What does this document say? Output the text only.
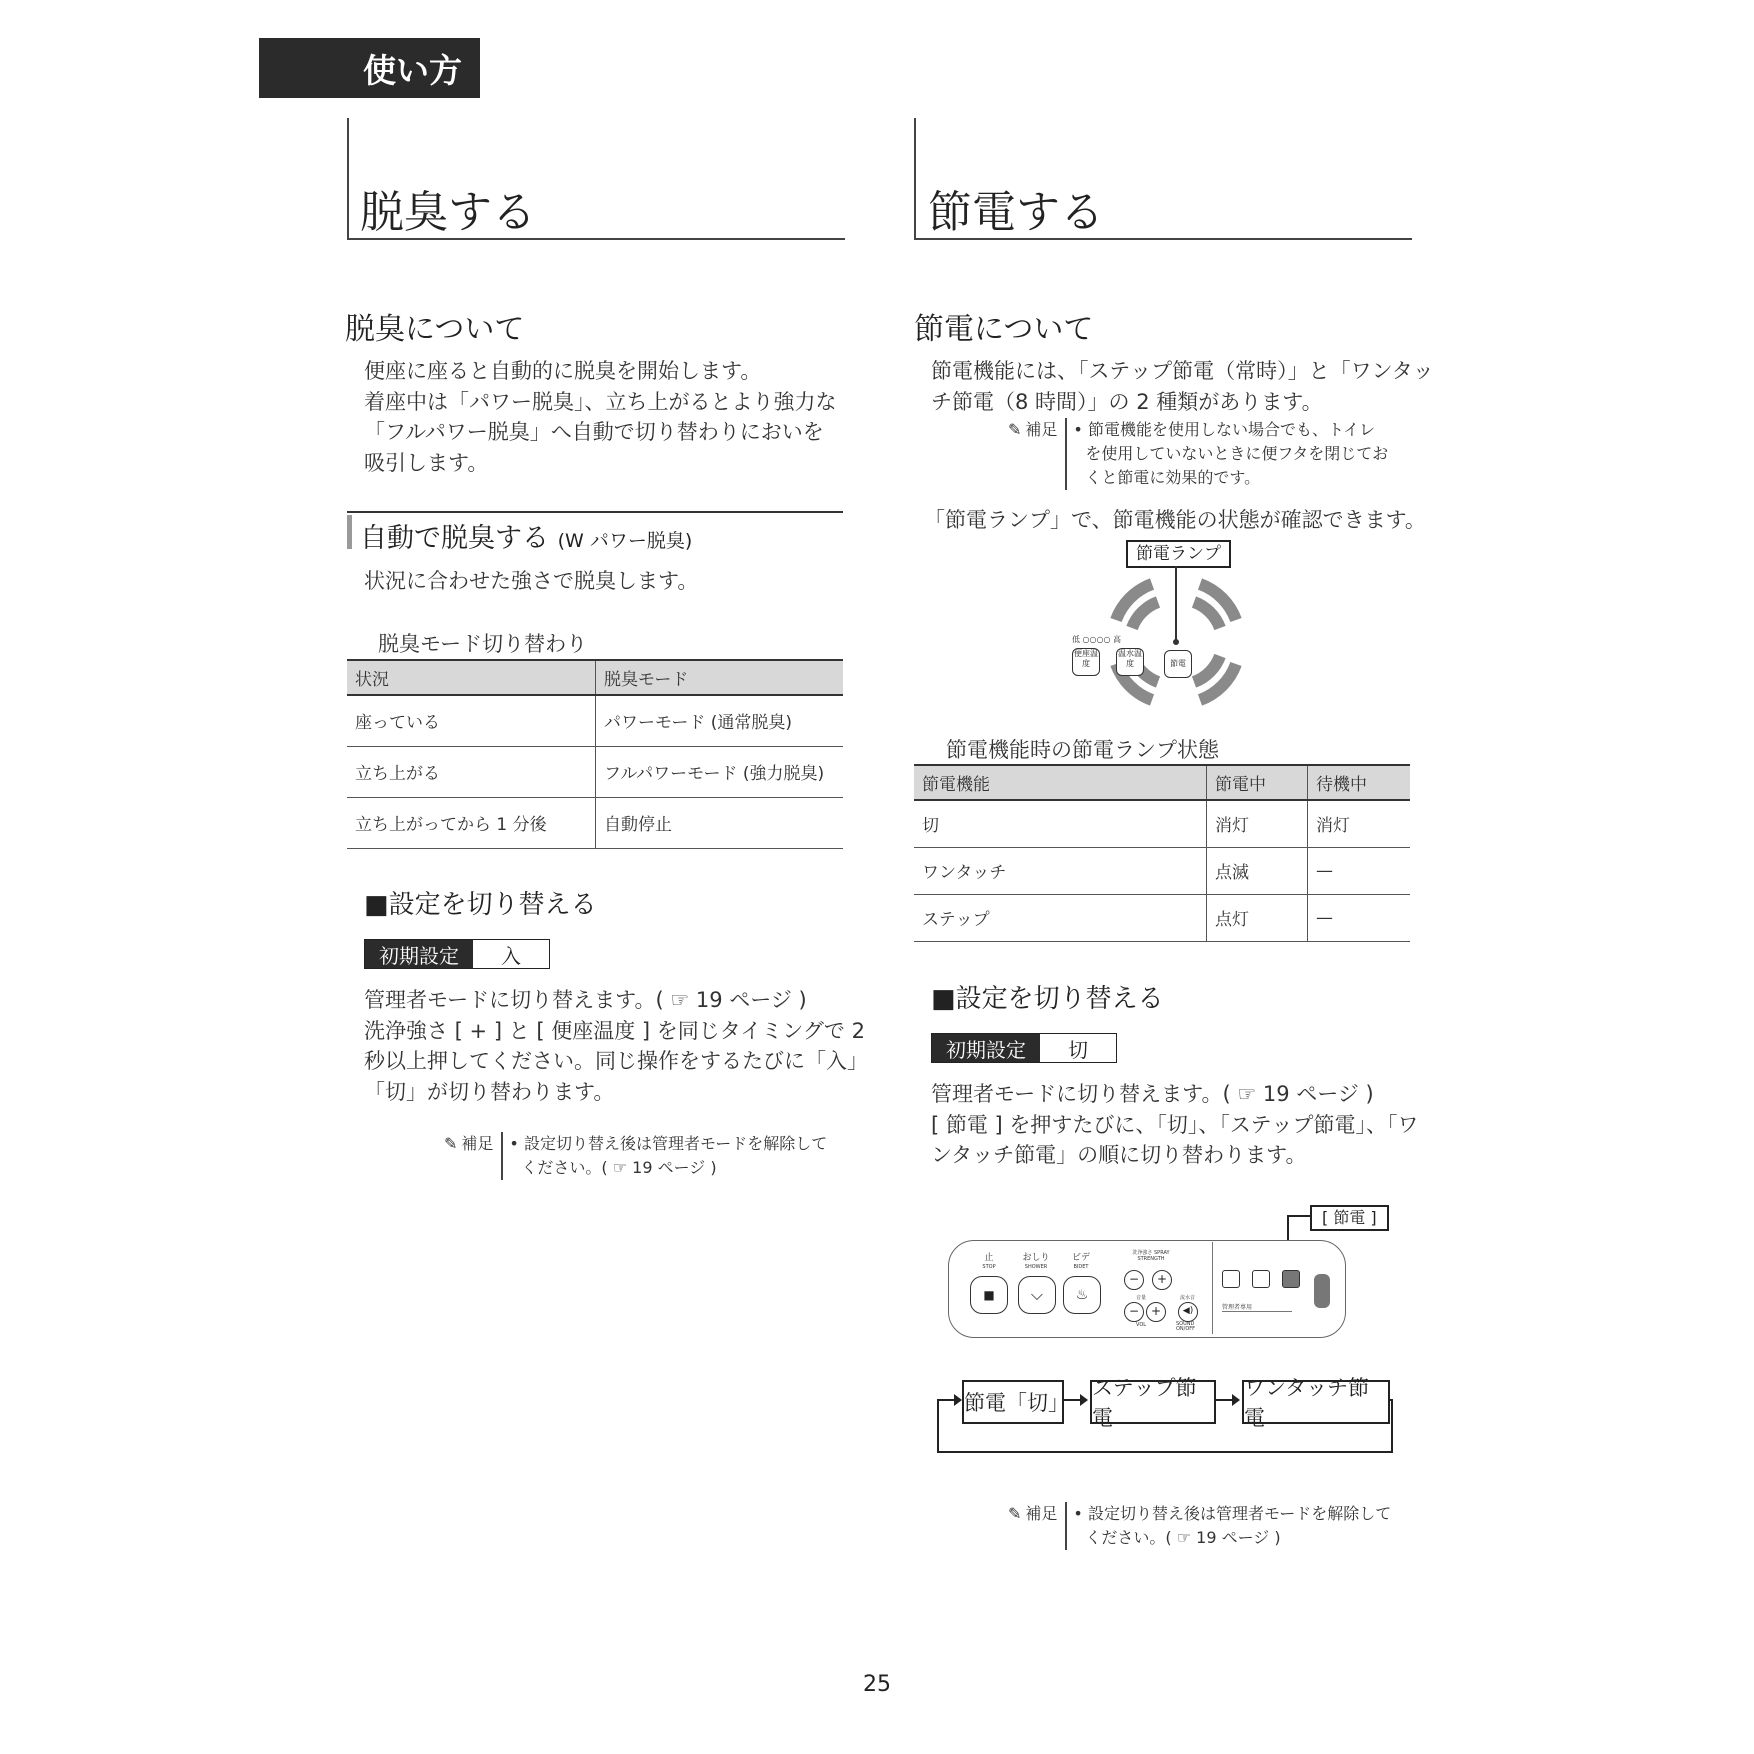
使い方
脱臭する
脱臭について
便座に座ると自動的に脱臭を開始します。
着座中は「パワー脱臭」、立ち上がるとより強力な
「フルパワー脱臭」へ自動で切り替わりにおいを
吸引します。
自動で脱臭する (W パワー脱臭)
状況に合わせた強さで脱臭します。
脱臭モード切り替わり
状況	脱臭モード
座っている	パワーモード (通常脱臭)
立ち上がる	フルパワーモード (強力脱臭)
立ち上がってから 1 分後	自動停止
■設定を切り替える
初期設定	入
管理者モードに切り替えます。( ☞ 19 ページ )
洗浄強さ [ + ] と [ 便座温度 ] を同じタイミングで 2
秒以上押してください。同じ操作をするたびに「入」
「切」が切り替わります。
✎ 補足 • 設定切り替え後は管理者モードを解除して
ください。( ☞ 19 ページ )
節電する
節電について
節電機能には、「ステップ節電（常時）」と「ワンタッ
チ節電（8 時間）」の 2 種類があります。
✎ 補足 • 節電機能を使用しない場合でも、トイレ
を使用していないときに便フタを閉じてお
くと節電に効果的です。
「節電ランプ」で、節電機能の状態が確認できます。
節電ランプ
低 ○○○○ 高
便座温度
温水温度	節電
節電機能時の節電ランプ状態
節電機能	節電中	待機中
切	消灯	消灯
ワンタッチ	点滅	—
ステップ	点灯	—
■設定を切り替える
初期設定	切
管理者モードに切り替えます。( ☞ 19 ページ )
[ 節電 ] を押すたびに、「切」、「ステップ節電」、「ワ
ンタッチ節電」の順に切り替わります。
[ 節電 ]
止
STOP
■
おしり
SHOWER
⌵
ビデ
BIDET
♨
洗浄強さ SPRAY STRENGTH
−	+
音量
− +
VOL
流水音
◀)
SOUND ON/OFF
管理者専用
節電「切」
ステップ節電
ワンタッチ節電
✎ 補足 • 設定切り替え後は管理者モードを解除して
ください。( ☞ 19 ページ )
25
